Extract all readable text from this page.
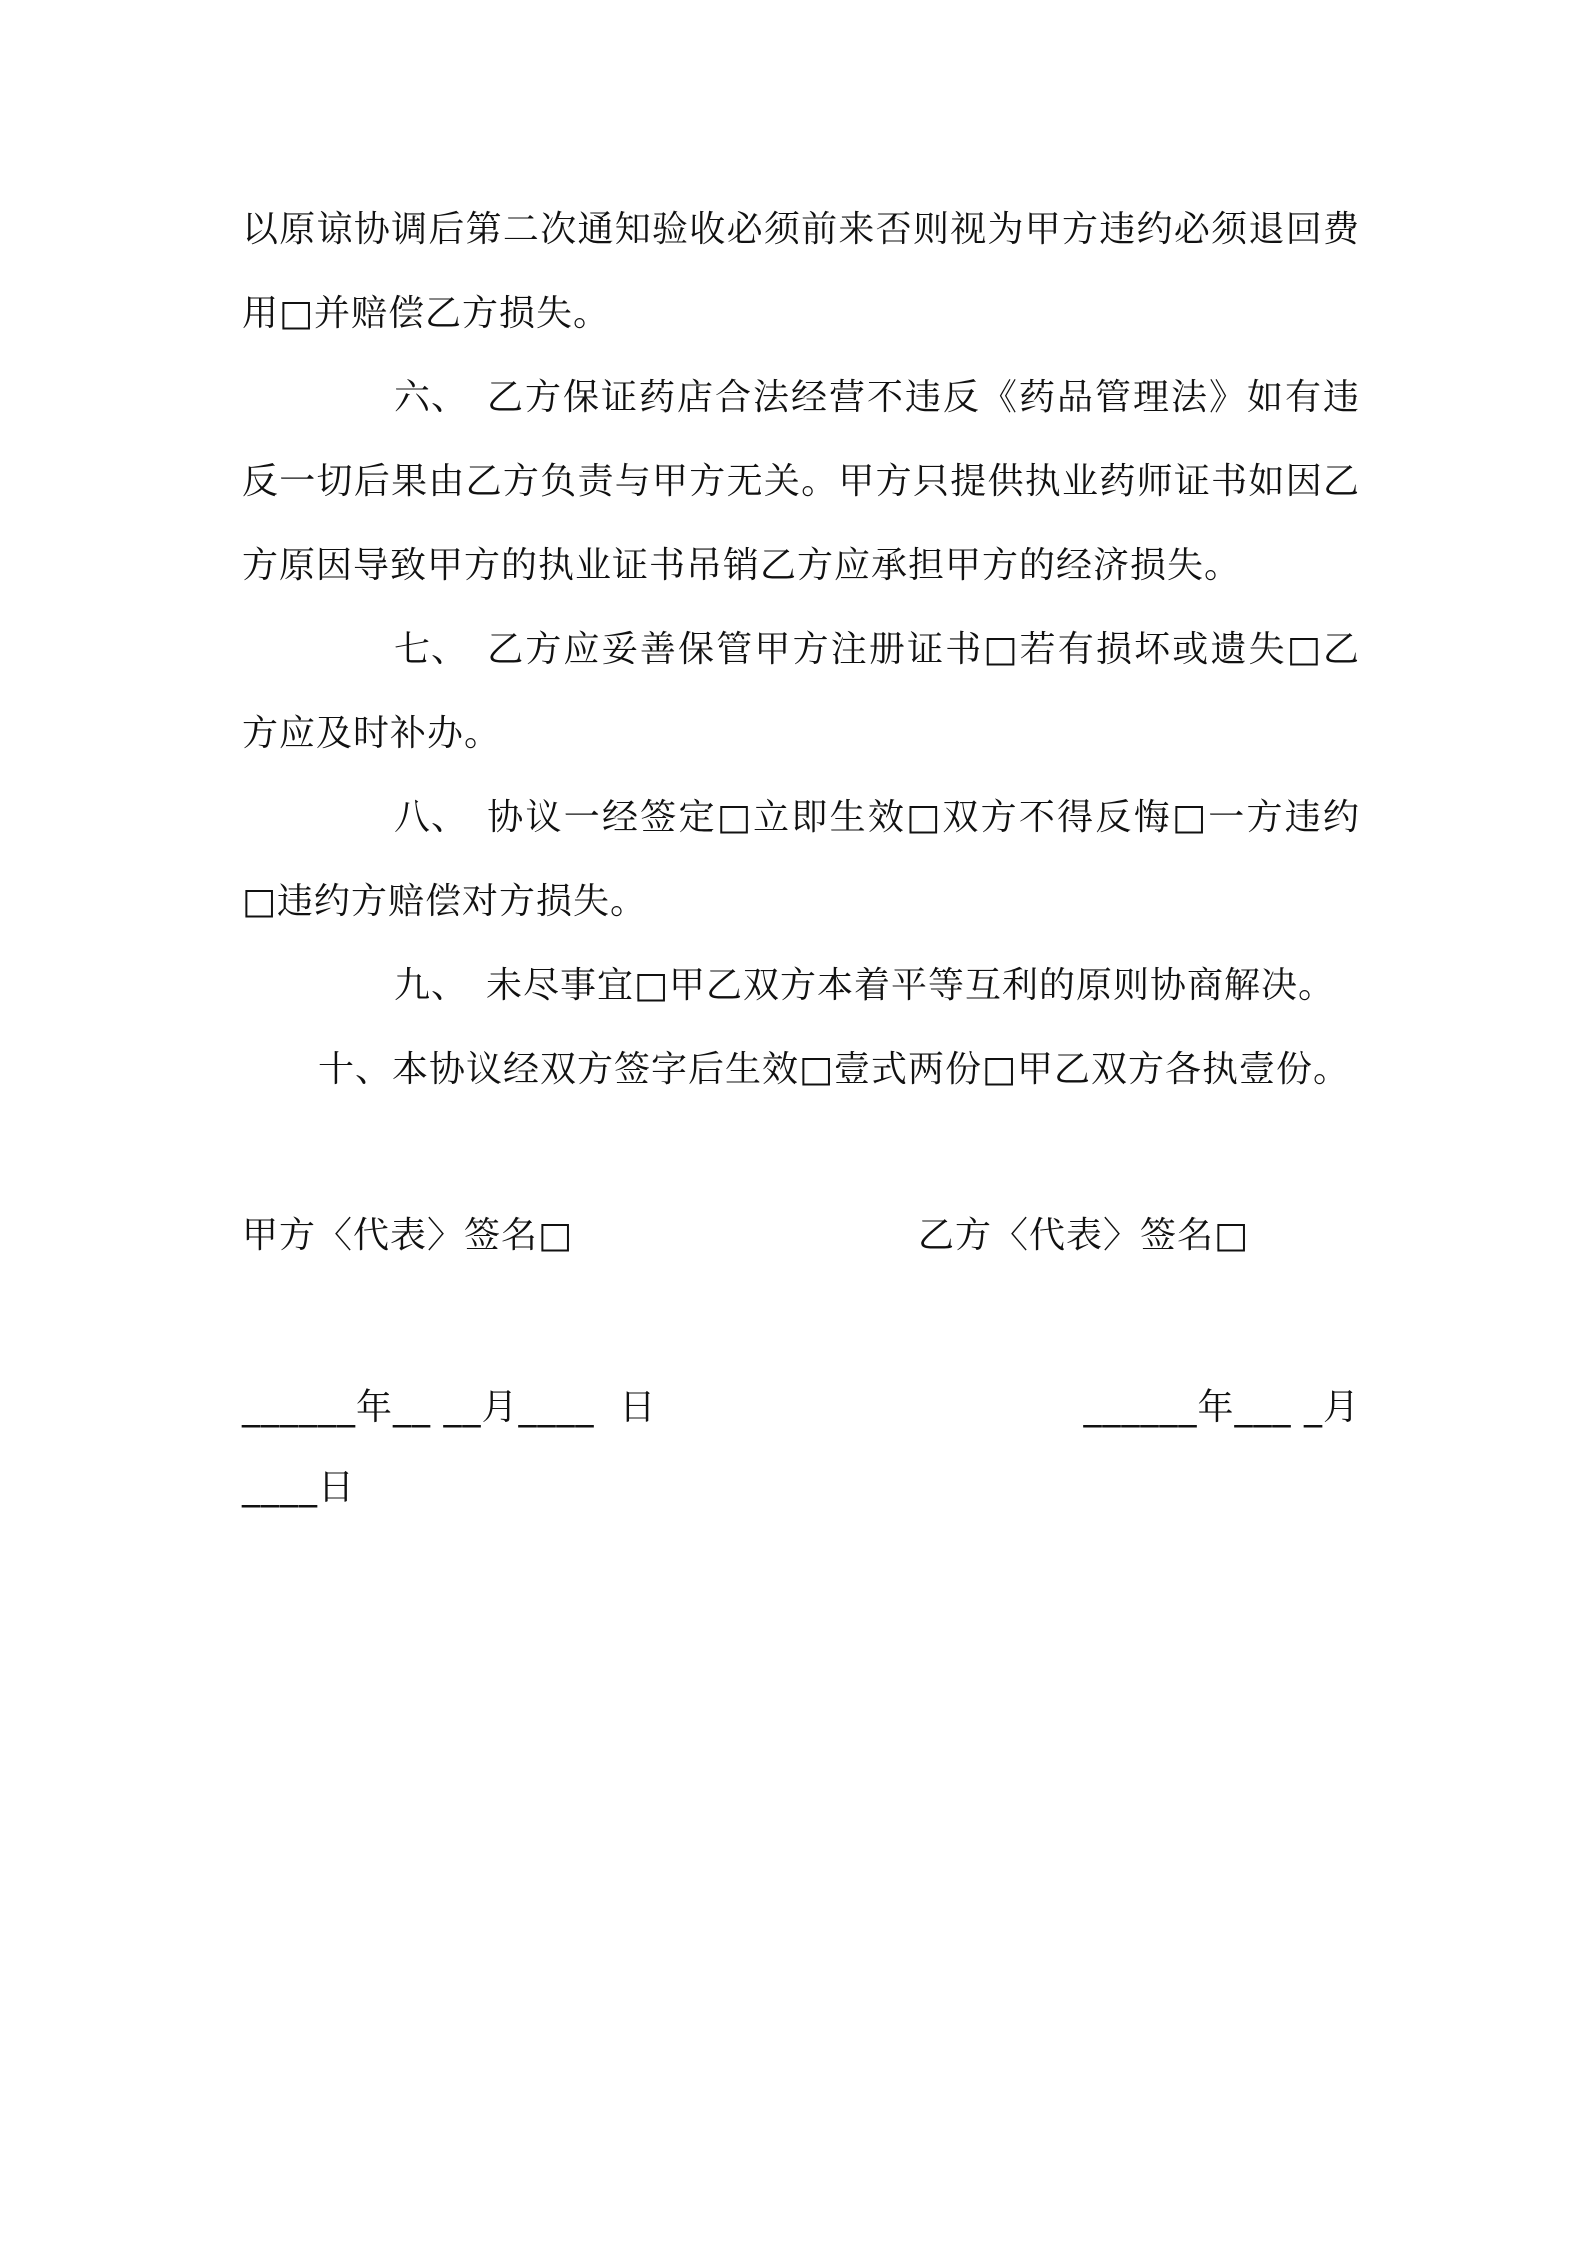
以原谅协调后第二次通知验收必须前来否则视为甲方违约必须退回费用□并赔偿乙方损失。

六、 乙方保证药店合法经营不违反《药品管理法》如有违反一切后果由乙方负责与甲方无关。甲方只提供执业药师证书如因乙方原因导致甲方的执业证书吊销乙方应承担甲方的经济损失。

七、 乙方应妥善保管甲方注册证书□若有损坏或遗失□乙方应及时补办。

八、 协议一经签定□立即生效□双方不得反悔□一方违约□违约方赔偿对方损失。

九、 未尽事宜□甲乙双方本着平等互利的原则协商解决。

十、本协议经双方签字后生效□壹式两份□甲乙双方各执壹份。

甲方〈代表〉签名□	乙方〈代表〉签名□
______年__ __月____  日	______年___ _月
____日
